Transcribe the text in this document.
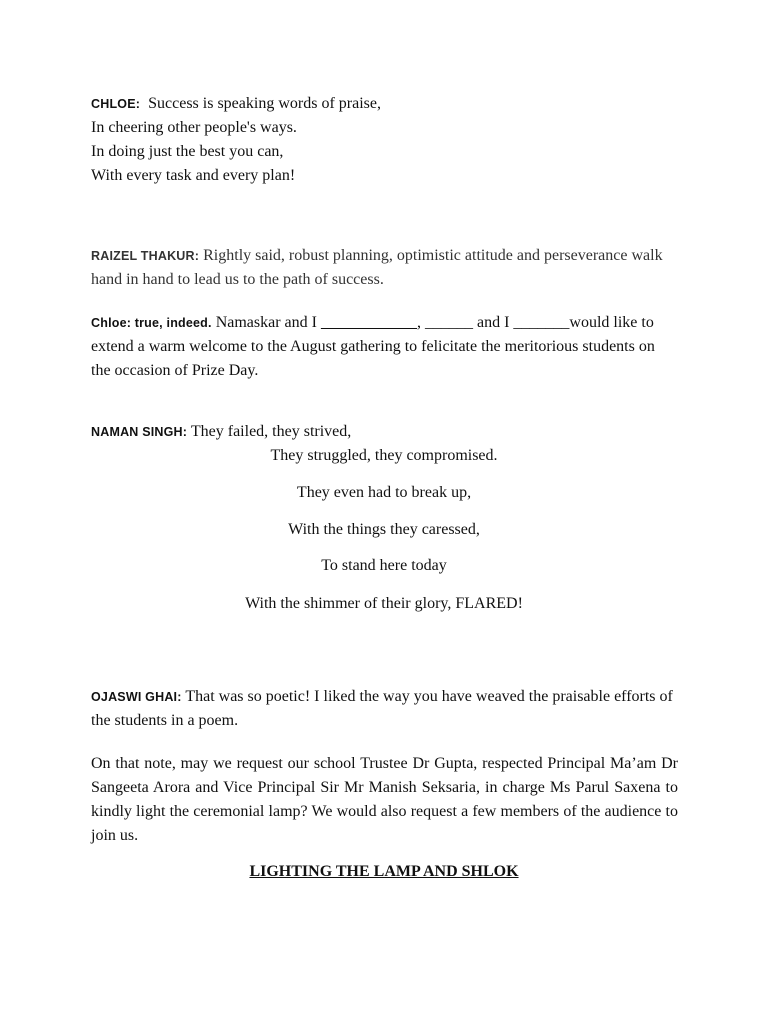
CHLOE: Success is speaking words of praise,
In cheering other people's ways.
In doing just the best you can,
With every task and every plan!
RAIZEL THAKUR: Rightly said, robust planning, optimistic attitude and perseverance walk hand in hand to lead us to the path of success.
Chloe: true, indeed. Namaskar and I ____________, ______ and I _______would like to extend a warm welcome to the August gathering to felicitate the meritorious students on the occasion of Prize Day.
NAMAN SINGH: They failed, they strived,
They struggled, they compromised.
They even had to break up,
With the things they caressed,
To stand here today
With the shimmer of their glory, FLARED!
OJASWI GHAI: That was so poetic! I liked the way you have weaved the praisable efforts of the students in a poem.
On that note, may we request our school Trustee Dr Gupta, respected Principal Ma’am Dr Sangeeta Arora and Vice Principal Sir Mr Manish Seksaria, in charge Ms Parul Saxena to kindly light the ceremonial lamp? We would also request a few members of the audience to join us.
LIGHTING THE LAMP AND SHLOK
